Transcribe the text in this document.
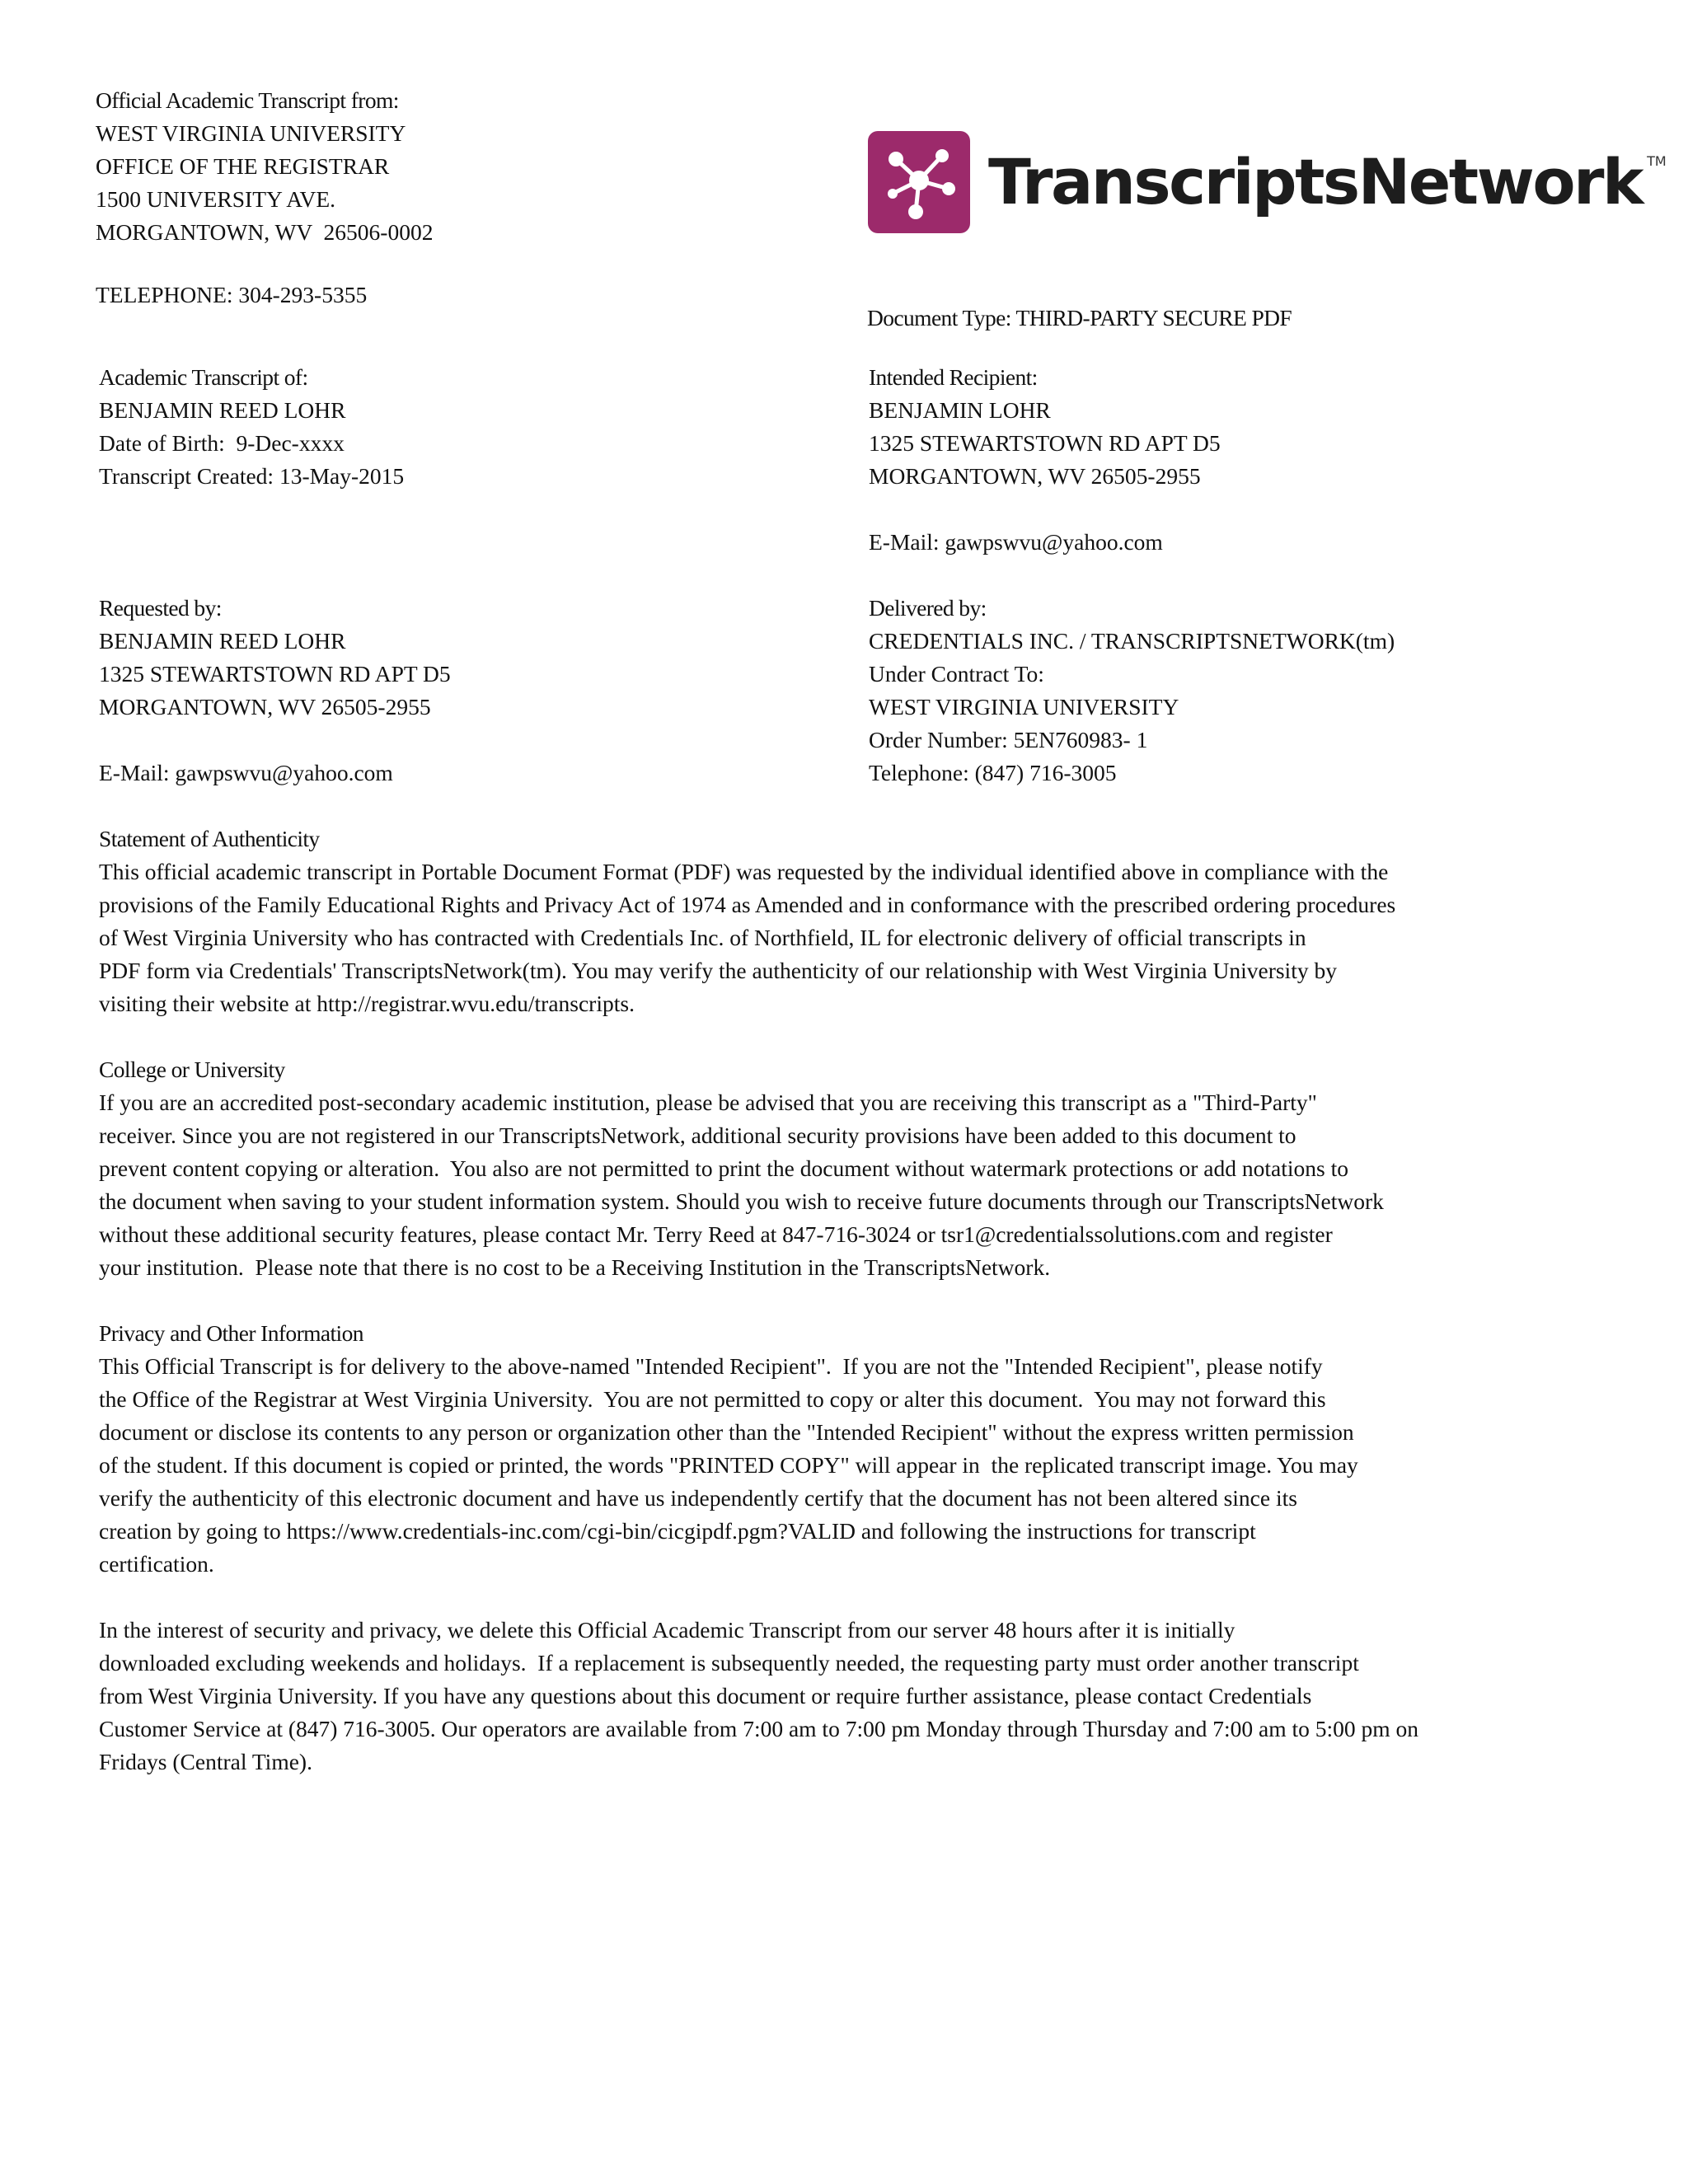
Official Academic Transcript from:
WEST VIRGINIA UNIVERSITY
OFFICE OF THE REGISTRAR
1500 UNIVERSITY AVE.
MORGANTOWN, WV  26506-0002
TELEPHONE: 304-293-5355
TranscriptsNetwork TM
Document Type: THIRD-PARTY SECURE PDF
Academic Transcript of:
BENJAMIN REED LOHR
Date of Birth:  9-Dec-xxxx
Transcript Created: 13-May-2015
Intended Recipient:
BENJAMIN LOHR
1325 STEWARTSTOWN RD APT D5
MORGANTOWN, WV 26505-2955
E-Mail: gawpswvu@yahoo.com
Requested by:
BENJAMIN REED LOHR
1325 STEWARTSTOWN RD APT D5
MORGANTOWN, WV 26505-2955
E-Mail: gawpswvu@yahoo.com
Delivered by:
CREDENTIALS INC. / TRANSCRIPTSNETWORK(tm)
Under Contract To:
WEST VIRGINIA UNIVERSITY
Order Number: 5EN760983- 1
Telephone: (847) 716-3005
Statement of Authenticity
This official academic transcript in Portable Document Format (PDF) was requested by the individual identified above in compliance with the
provisions of the Family Educational Rights and Privacy Act of 1974 as Amended and in conformance with the prescribed ordering procedures
of West Virginia University who has contracted with Credentials Inc. of Northfield, IL for electronic delivery of official transcripts in
PDF form via Credentials' TranscriptsNetwork(tm). You may verify the authenticity of our relationship with West Virginia University by
visiting their website at http://registrar.wvu.edu/transcripts.
College or University
If you are an accredited post-secondary academic institution, please be advised that you are receiving this transcript as a "Third-Party"
receiver. Since you are not registered in our TranscriptsNetwork, additional security provisions have been added to this document to
prevent content copying or alteration.  You also are not permitted to print the document without watermark protections or add notations to
the document when saving to your student information system. Should you wish to receive future documents through our TranscriptsNetwork
without these additional security features, please contact Mr. Terry Reed at 847-716-3024 or tsr1@credentialssolutions.com and register
your institution.  Please note that there is no cost to be a Receiving Institution in the TranscriptsNetwork.
Privacy and Other Information
This Official Transcript is for delivery to the above-named "Intended Recipient".  If you are not the "Intended Recipient", please notify
the Office of the Registrar at West Virginia University.  You are not permitted to copy or alter this document.  You may not forward this
document or disclose its contents to any person or organization other than the "Intended Recipient" without the express written permission
of the student. If this document is copied or printed, the words "PRINTED COPY" will appear in  the replicated transcript image. You may
verify the authenticity of this electronic document and have us independently certify that the document has not been altered since its
creation by going to https://www.credentials-inc.com/cgi-bin/cicgipdf.pgm?VALID and following the instructions for transcript
certification.
In the interest of security and privacy, we delete this Official Academic Transcript from our server 48 hours after it is initially
downloaded excluding weekends and holidays.  If a replacement is subsequently needed, the requesting party must order another transcript
from West Virginia University. If you have any questions about this document or require further assistance, please contact Credentials
Customer Service at (847) 716-3005. Our operators are available from 7:00 am to 7:00 pm Monday through Thursday and 7:00 am to 5:00 pm on
Fridays (Central Time).
